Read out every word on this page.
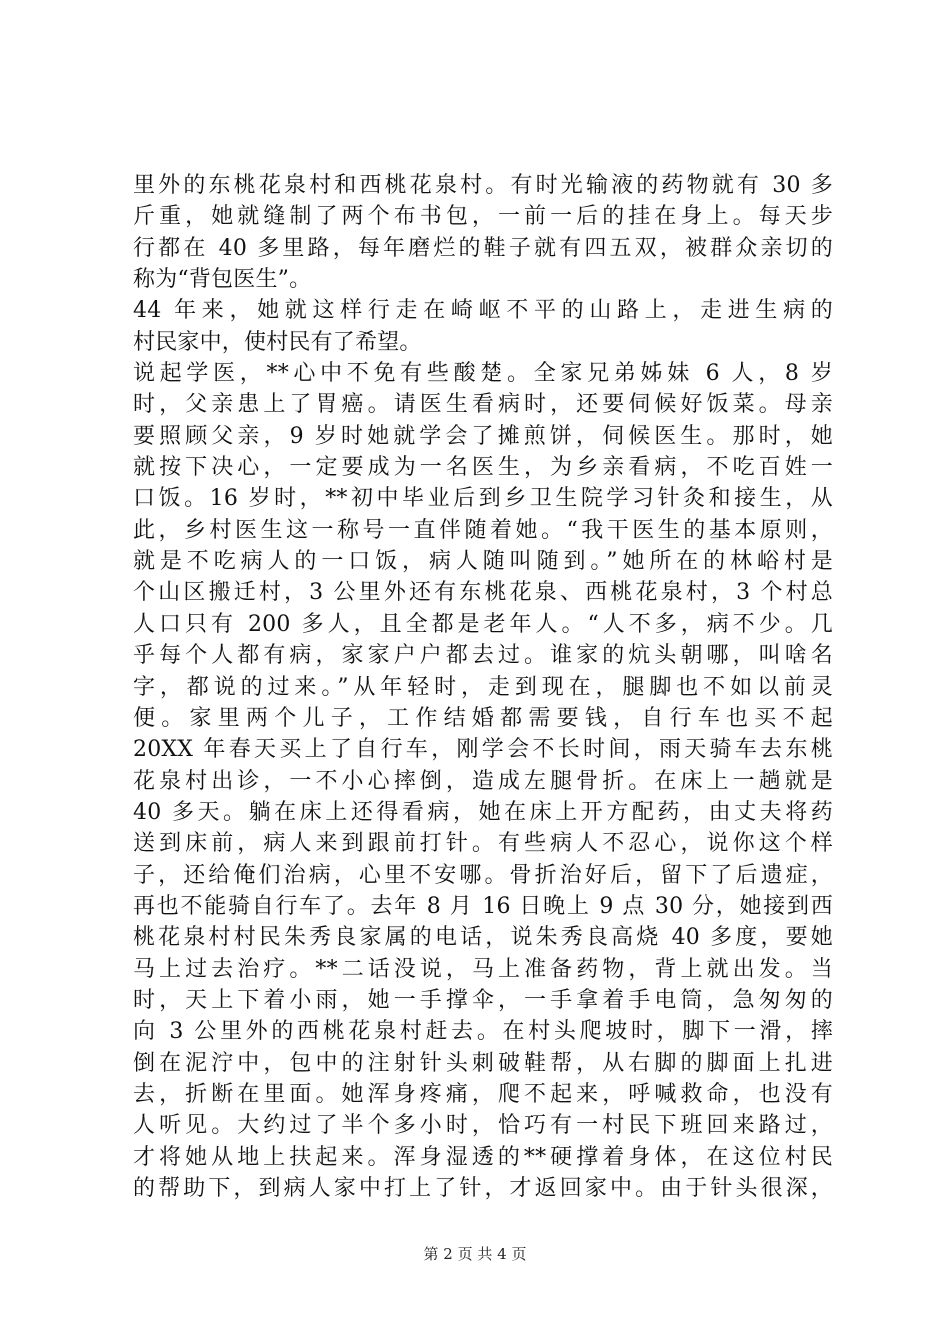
里外的东桃花泉村和西桃花泉村。有时光输液的药物就有 30 多
斤重，她就缝制了两个布书包，一前一后的挂在身上。每天步
行都在 40 多里路，每年磨烂的鞋子就有四五双，被群众亲切的
称为“背包医生”。
44 年来，她就这样行走在崎岖不平的山路上，走进生病的
村民家中，使村民有了希望。
说起学医，**心中不免有些酸楚。全家兄弟姊妹 6 人，8 岁
时，父亲患上了胃癌。请医生看病时，还要伺候好饭菜。母亲
要照顾父亲，9 岁时她就学会了摊煎饼，伺候医生。那时，她
就按下决心，一定要成为一名医生，为乡亲看病，不吃百姓一
口饭。16 岁时，**初中毕业后到乡卫生院学习针灸和接生，从
此，乡村医生这一称号一直伴随着她。“我干医生的基本原则，
就是不吃病人的一口饭，病人随叫随到。”她所在的林峪村是
个山区搬迁村，3 公里外还有东桃花泉、西桃花泉村，3 个村总
人口只有 200 多人，且全都是老年人。“人不多，病不少。几
乎每个人都有病，家家户户都去过。谁家的炕头朝哪，叫啥名
字，都说的过来。”从年轻时，走到现在，腿脚也不如以前灵
便。家里两个儿子，工作结婚都需要钱，自行车也买不起
20XX 年春天买上了自行车，刚学会不长时间，雨天骑车去东桃
花泉村出诊，一不小心摔倒，造成左腿骨折。在床上一趟就是
40 多天。躺在床上还得看病，她在床上开方配药，由丈夫将药
送到床前，病人来到跟前打针。有些病人不忍心，说你这个样
子，还给俺们治病，心里不安哪。骨折治好后，留下了后遗症，
再也不能骑自行车了。去年 8 月 16 日晚上 9 点 30 分，她接到西
桃花泉村村民朱秀良家属的电话，说朱秀良高烧 40 多度，要她
马上过去治疗。**二话没说，马上准备药物，背上就出发。当
时，天上下着小雨，她一手撑伞，一手拿着手电筒，急匆匆的
向 3 公里外的西桃花泉村赶去。在村头爬坡时，脚下一滑，摔
倒在泥泞中，包中的注射针头刺破鞋帮，从右脚的脚面上扎进
去，折断在里面。她浑身疼痛，爬不起来，呼喊救命，也没有
人听见。大约过了半个多小时，恰巧有一村民下班回来路过，
才将她从地上扶起来。浑身湿透的**硬撑着身体，在这位村民
的帮助下，到病人家中打上了针，才返回家中。由于针头很深，
第 2 页 共 4 页
